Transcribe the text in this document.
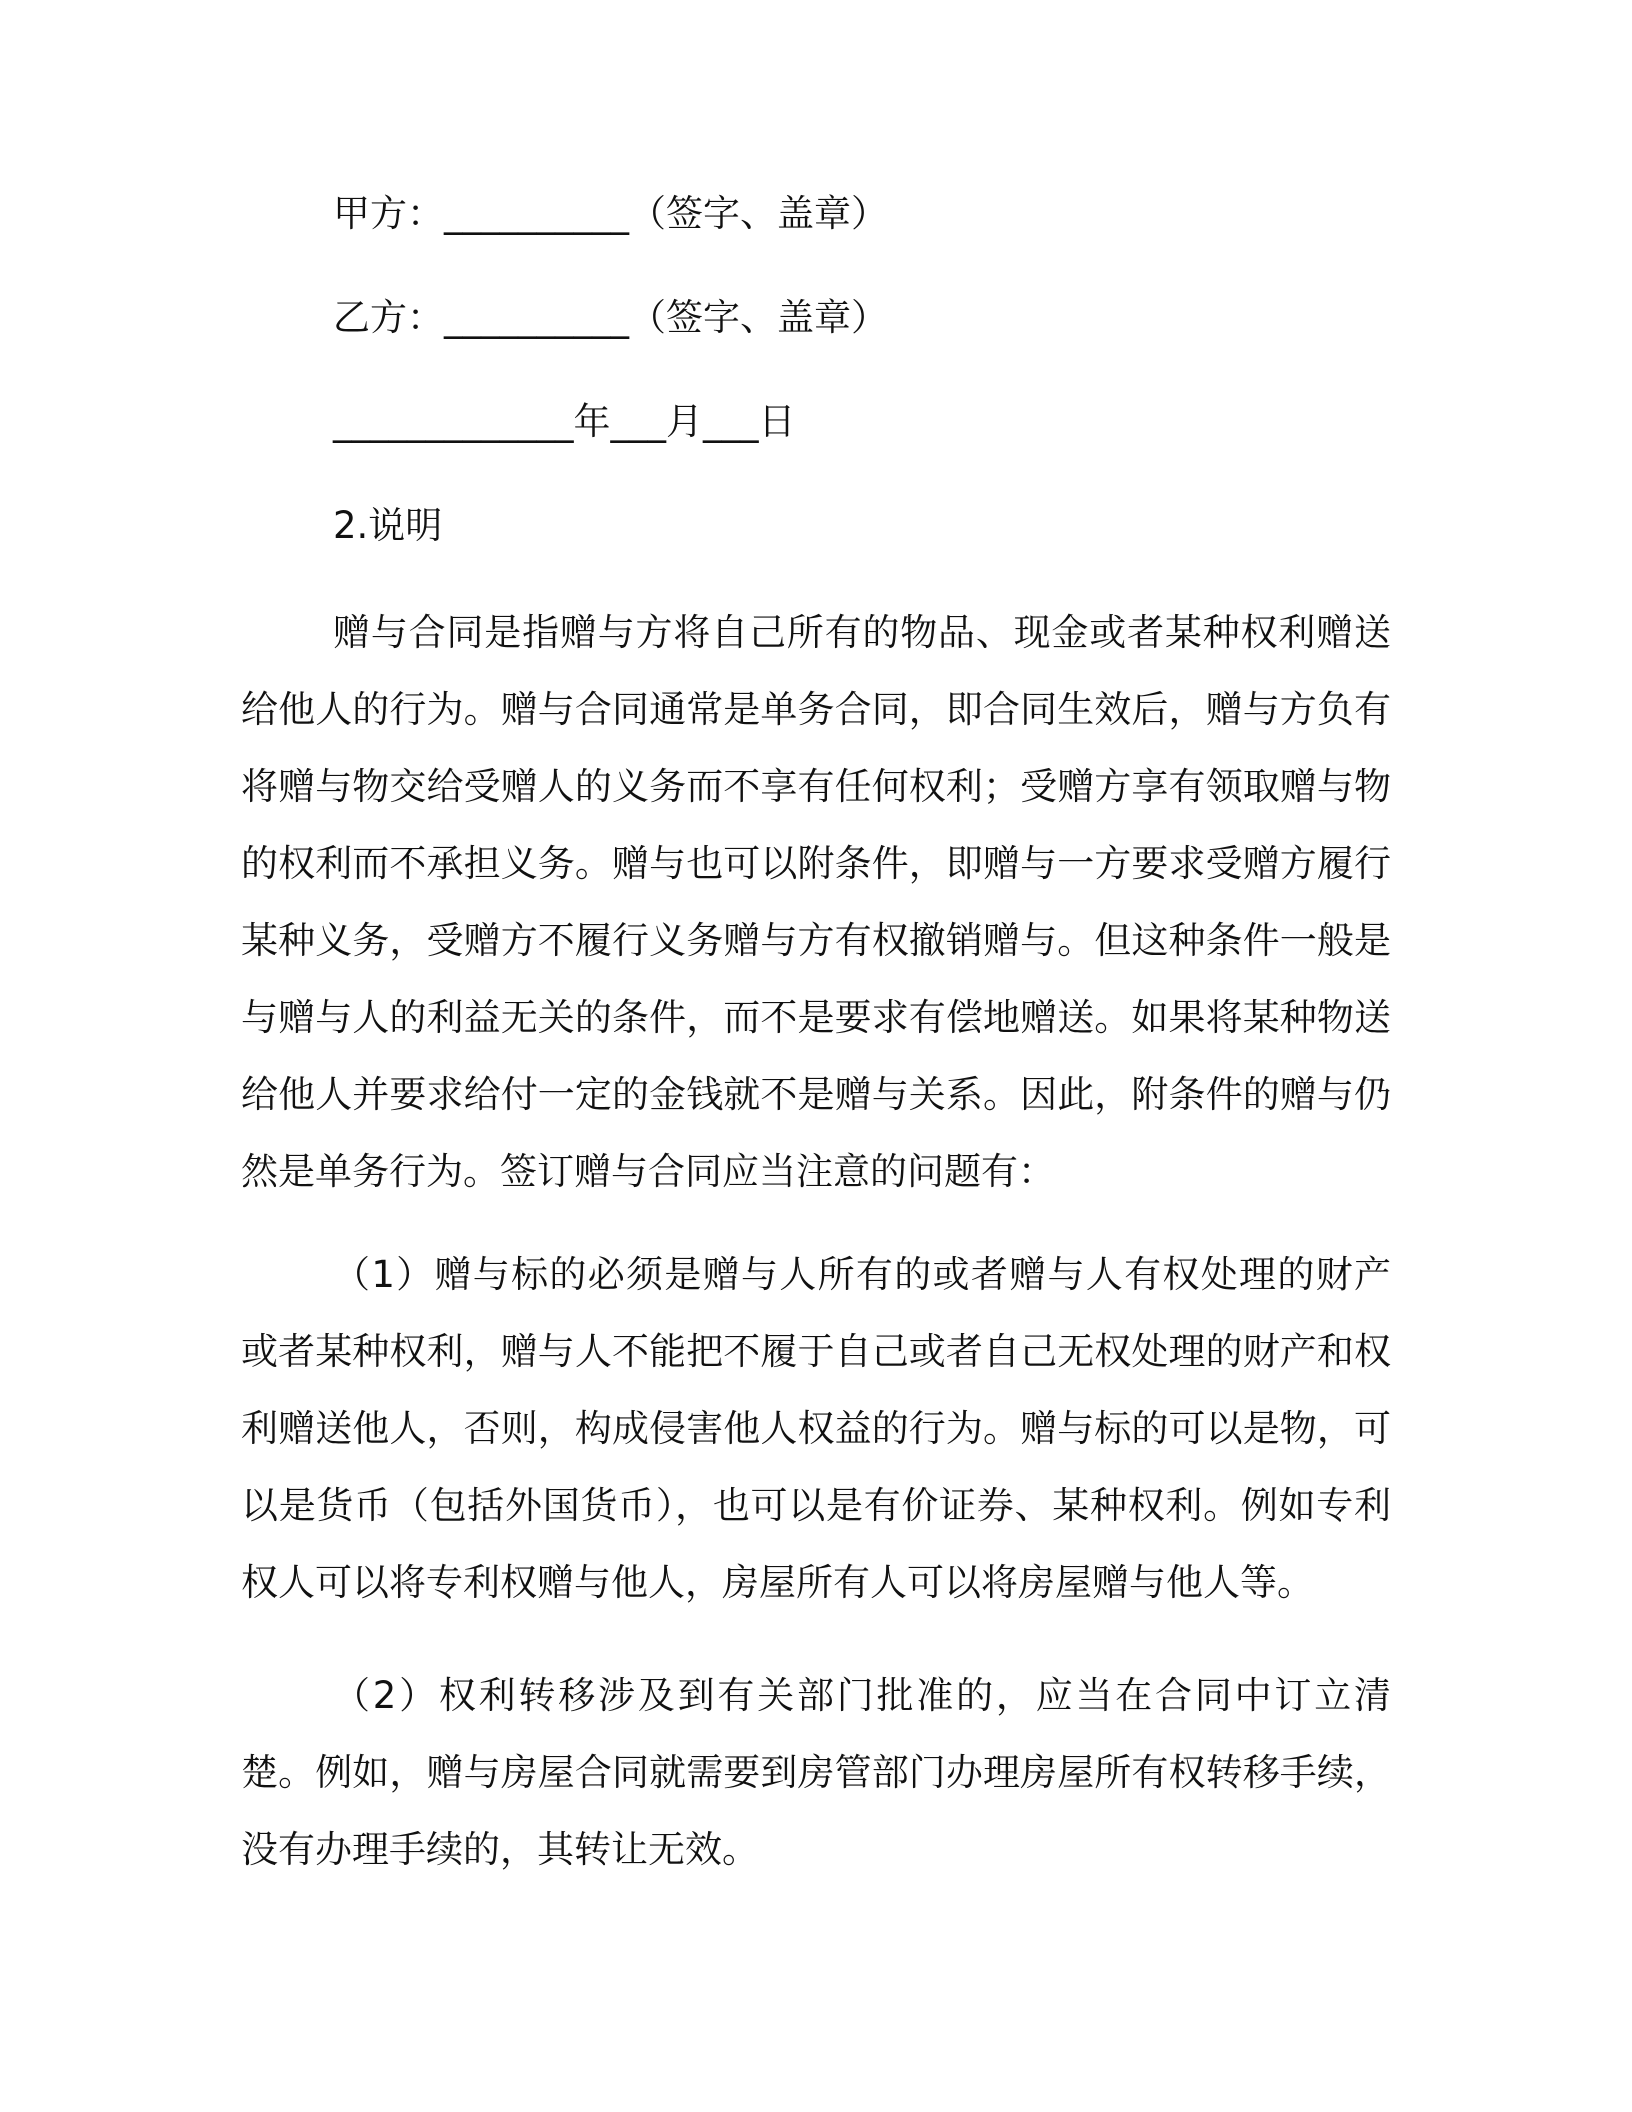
甲方：__________（签字、盖章）
乙方：__________（签字、盖章）
_____________年___月___日
2.说明

赠与合同是指赠与方将自己所有的物品、现金或者某种权利赠送给他人的行为。赠与合同通常是单务合同，即合同生效后，赠与方负有将赠与物交给受赠人的义务而不享有任何权利；受赠方享有领取赠与物的权利而不承担义务。赠与也可以附条件，即赠与一方要求受赠方履行某种义务，受赠方不履行义务赠与方有权撤销赠与。但这种条件一般是与赠与人的利益无关的条件，而不是要求有偿地赠送。如果将某种物送给他人并要求给付一定的金钱就不是赠与关系。因此，附条件的赠与仍然是单务行为。签订赠与合同应当注意的问题有：

（1）赠与标的必须是赠与人所有的或者赠与人有权处理的财产或者某种权利，赠与人不能把不履于自己或者自己无权处理的财产和权利赠送他人，否则，构成侵害他人权益的行为。赠与标的可以是物，可以是货币（包括外国货币），也可以是有价证券、某种权利。例如专利权人可以将专利权赠与他人，房屋所有人可以将房屋赠与他人等。

（2）权利转移涉及到有关部门批准的，应当在合同中订立清楚。例如，赠与房屋合同就需要到房管部门办理房屋所有权转移手续，没有办理手续的，其转让无效。
